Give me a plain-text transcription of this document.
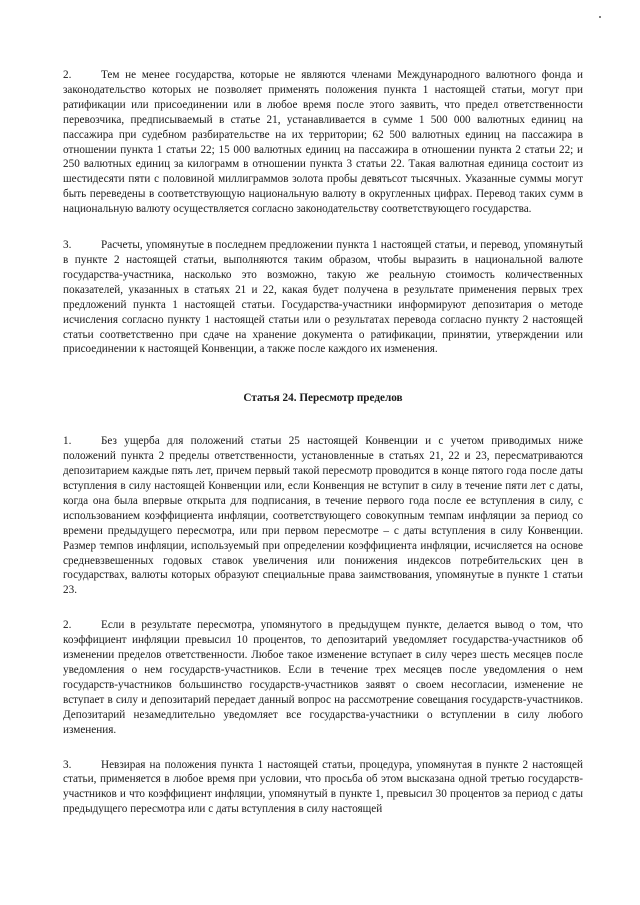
2.	Тем не менее государства, которые не являются членами Международного валютного фонда и законодательство которых не позволяет применять положения пункта 1 настоящей статьи, могут при ратификации или присоединении или в любое время после этого заявить, что предел ответственности перевозчика, предписываемый в статье 21, устанавливается в сумме 1 500 000 валютных единиц на пассажира при судебном разбирательстве на их территории; 62 500 валютных единиц на пассажира в отношении пункта 1 статьи 22; 15 000 валютных единиц на пассажира в отношении пункта 2 статьи 22; и 250 валютных единиц за килограмм в отношении пункта 3 статьи 22. Такая валютная единица состоит из шестидесяти пяти с половиной миллиграммов золота пробы девятьсот тысячных. Указанные суммы могут быть переведены в соответствующую национальную валюту в округленных цифрах. Перевод таких сумм в национальную валюту осуществляется согласно законодательству соответствующего государства.

3.	Расчеты, упомянутые в последнем предложении пункта 1 настоящей статьи, и перевод, упомянутый в пункте 2 настоящей статьи, выполняются таким образом, чтобы выразить в национальной валюте государства-участника, насколько это возможно, такую же реальную стоимость количественных показателей, указанных в статьях 21 и 22, какая будет получена в результате применения первых трех предложений пункта 1 настоящей статьи. Государства-участники информируют депозитария о методе исчисления согласно пункту 1 настоящей статьи или о результатах перевода согласно пункту 2 настоящей статьи соответственно при сдаче на хранение документа о ратификации, принятии, утверждении или присоединении к настоящей Конвенции, а также после каждого их изменения.

Статья 24. Пересмотр пределов

1.	Без ущерба для положений статьи 25 настоящей Конвенции и с учетом приводимых ниже положений пункта 2 пределы ответственности, установленные в статьях 21, 22 и 23, пересматриваются депозитарием каждые пять лет, причем первый такой пересмотр проводится в конце пятого года после даты вступления в силу настоящей Конвенции или, если Конвенция не вступит в силу в течение пяти лет с даты, когда она была впервые открыта для подписания, в течение первого года после ее вступления в силу, с использованием коэффициента инфляции, соответствующего совокупным темпам инфляции за период со времени предыдущего пересмотра, или при первом пересмотре – с даты вступления в силу Конвенции. Размер темпов инфляции, используемый при определении коэффициента инфляции, исчисляется на основе средневзвешенных годовых ставок увеличения или понижения индексов потребительских цен в государствах, валюты которых образуют специальные права заимствования, упомянутые в пункте 1 статьи 23.

2.	Если в результате пересмотра, упомянутого в предыдущем пункте, делается вывод о том, что коэффициент инфляции превысил 10 процентов, то депозитарий уведомляет государства-участников об изменении пределов ответственности. Любое такое изменение вступает в силу через шесть месяцев после уведомления о нем государств-участников. Если в течение трех месяцев после уведомления о нем государств-участников большинство государств-участников заявят о своем несогласии, изменение не вступает в силу и депозитарий передает данный вопрос на рассмотрение совещания государств-участников. Депозитарий незамедлительно уведомляет все государства-участники о вступлении в силу любого изменения.

3.	Невзирая на положения пункта 1 настоящей статьи, процедура, упомянутая в пункте 2 настоящей статьи, применяется в любое время при условии, что просьба об этом высказана одной третью государств-участников и что коэффициент инфляции, упомянутый в пункте 1, превысил 30 процентов за период с даты предыдущего пересмотра или с даты вступления в силу настоящей
